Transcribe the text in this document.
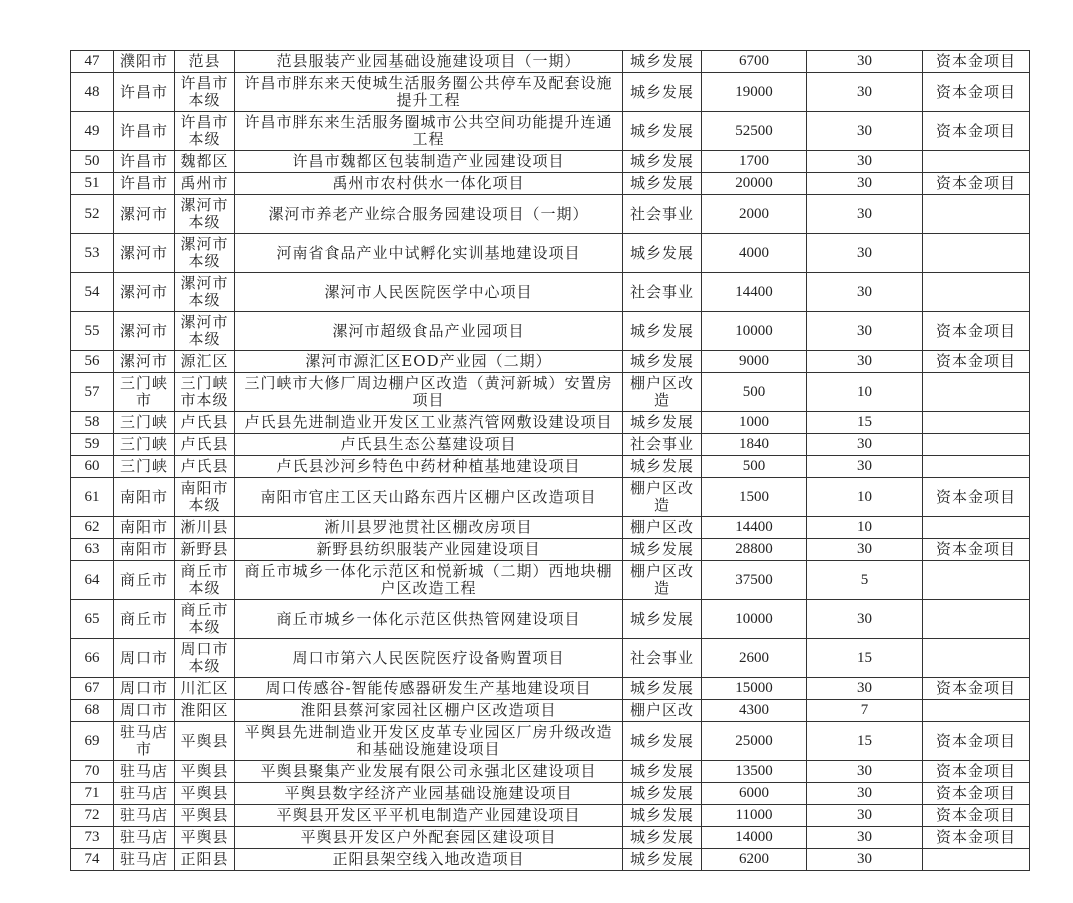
47	濮阳市	范县	范县服装产业园基础设施建设项目（一期）	城乡发展	6700	30	资本金项目
48	许昌市	许昌市本级	许昌市胖东来天使城生活服务圈公共停车及配套设施提升工程	城乡发展	19000	30	资本金项目
49	许昌市	许昌市本级	许昌市胖东来生活服务圈城市公共空间功能提升连通工程	城乡发展	52500	30	资本金项目
50	许昌市	魏都区	许昌市魏都区包装制造产业园建设项目	城乡发展	1700	30	
51	许昌市	禹州市	禹州市农村供水一体化项目	城乡发展	20000	30	资本金项目
52	漯河市	漯河市本级	漯河市养老产业综合服务园建设项目（一期）	社会事业	2000	30	
53	漯河市	漯河市本级	河南省食品产业中试孵化实训基地建设项目	城乡发展	4000	30	
54	漯河市	漯河市本级	漯河市人民医院医学中心项目	社会事业	14400	30	
55	漯河市	漯河市本级	漯河市超级食品产业园项目	城乡发展	10000	30	资本金项目
56	漯河市	源汇区	漯河市源汇区EOD产业园（二期）	城乡发展	9000	30	资本金项目
57	三门峡市	三门峡市本级	三门峡市大修厂周边棚户区改造（黄河新城）安置房项目	棚户区改造	500	10	
58	三门峡	卢氏县	卢氏县先进制造业开发区工业蒸汽管网敷设建设项目	城乡发展	1000	15	
59	三门峡	卢氏县	卢氏县生态公墓建设项目	社会事业	1840	30	
60	三门峡	卢氏县	卢氏县沙河乡特色中药材种植基地建设项目	城乡发展	500	30	
61	南阳市	南阳市本级	南阳市官庄工区天山路东西片区棚户区改造项目	棚户区改造	1500	10	资本金项目
62	南阳市	淅川县	淅川县罗池贯社区棚改房项目	棚户区改	14400	10	
63	南阳市	新野县	新野县纺织服装产业园建设项目	城乡发展	28800	30	资本金项目
64	商丘市	商丘市本级	商丘市城乡一体化示范区和悦新城（二期）西地块棚户区改造工程	棚户区改造	37500	5	
65	商丘市	商丘市本级	商丘市城乡一体化示范区供热管网建设项目	城乡发展	10000	30	
66	周口市	周口市本级	周口市第六人民医院医疗设备购置项目	社会事业	2600	15	
67	周口市	川汇区	周口传感谷-智能传感器研发生产基地建设项目	城乡发展	15000	30	资本金项目
68	周口市	淮阳区	淮阳县蔡河家园社区棚户区改造项目	棚户区改	4300	7	
69	驻马店市	平舆县	平舆县先进制造业开发区皮革专业园区厂房升级改造和基础设施建设项目	城乡发展	25000	15	资本金项目
70	驻马店	平舆县	平舆县聚集产业发展有限公司永强北区建设项目	城乡发展	13500	30	资本金项目
71	驻马店	平舆县	平舆县数字经济产业园基础设施建设项目	城乡发展	6000	30	资本金项目
72	驻马店	平舆县	平舆县开发区平平机电制造产业园建设项目	城乡发展	11000	30	资本金项目
73	驻马店	平舆县	平舆县开发区户外配套园区建设项目	城乡发展	14000	30	资本金项目
74	驻马店	正阳县	正阳县架空线入地改造项目	城乡发展	6200	30	
